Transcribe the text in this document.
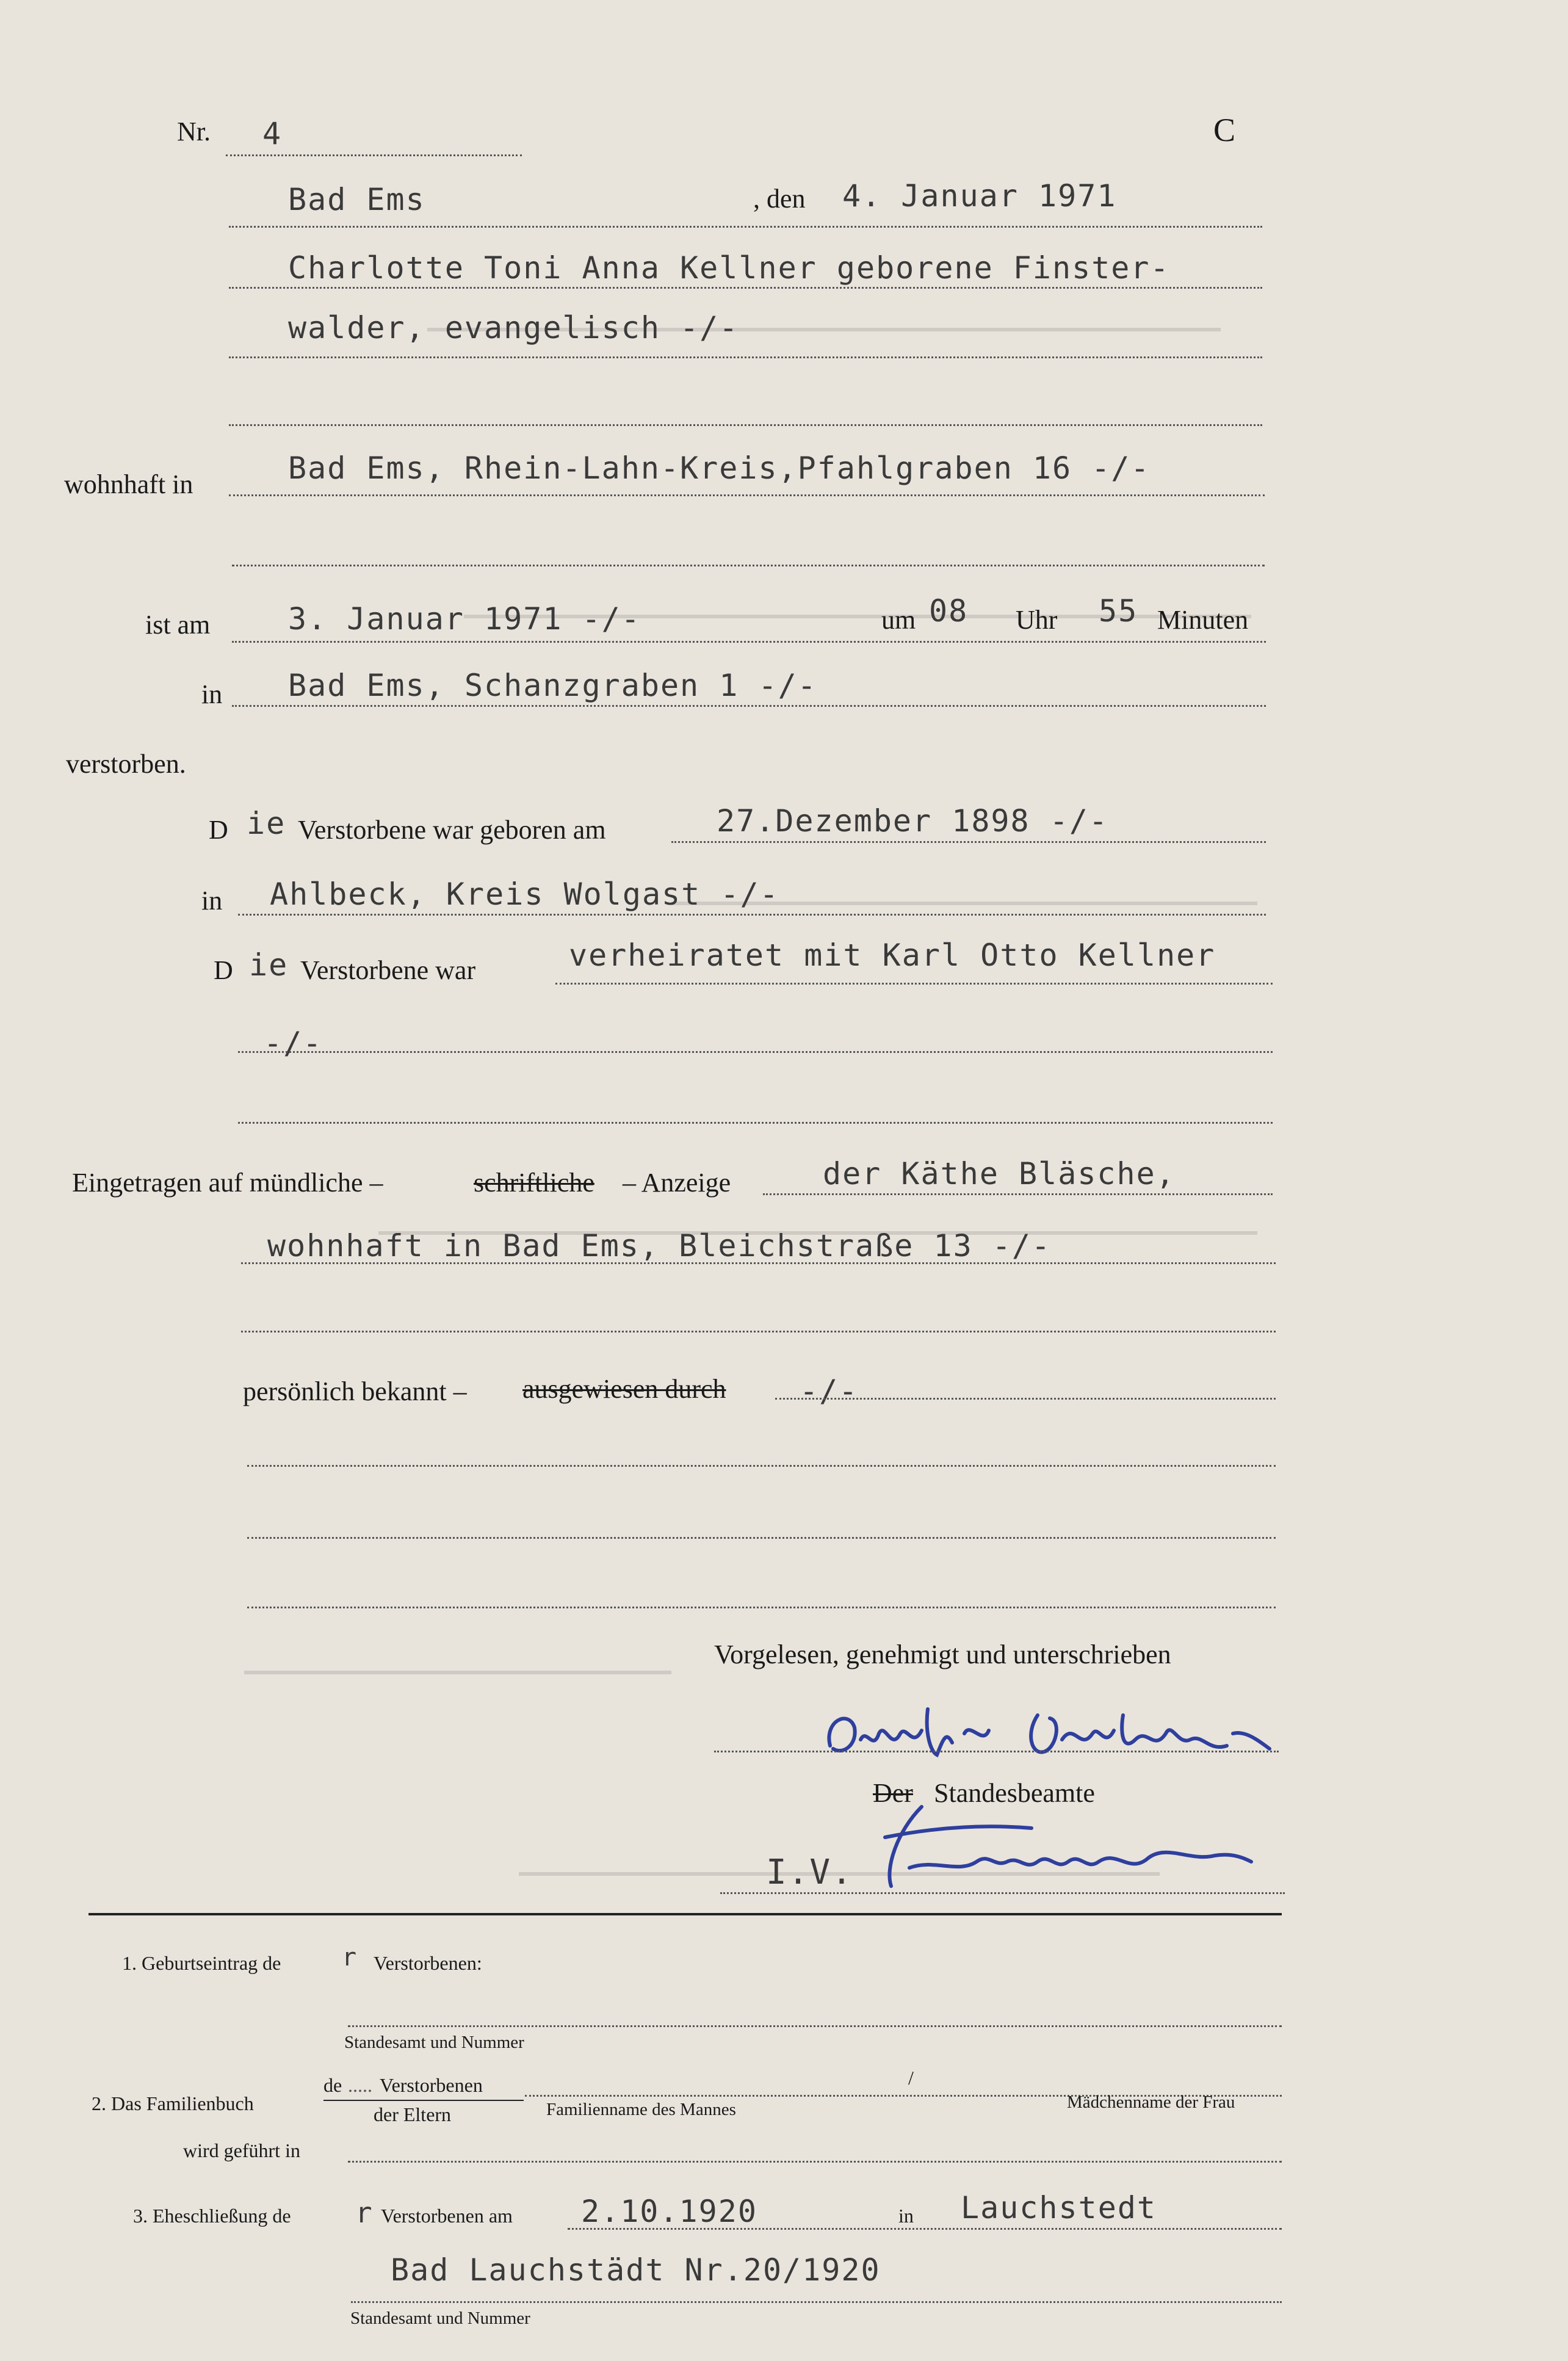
Nr. 4	C
Bad Ems	, den 4. Januar 1971
Charlotte Toni Anna Kellner geborene Finster-
walder, evangelisch -/-
wohnhaft in	Bad Ems, Rhein-Lahn-Kreis,Pfahlgraben 16 -/-
ist am	3. Januar 1971 -/-	um 08 Uhr 55 Minuten
in Bad Ems, Schanzgraben 1 -/-
verstorben.
D ie Verstorbene war geboren am	27.Dezember 1898 -/-
in Ahlbeck, Kreis Wolgast -/-
D ie Verstorbene war	verheiratet mit Karl Otto Kellner
-/-
Eingetragen auf mündliche –	schriftliche – Anzeige	der Käthe Bläsche,
wohnhaft in Bad Ems, Bleichstraße 13 -/-
persönlich bekannt – ausgewiesen durch -/-
Vorgelesen, genehmigt und unterschrieben
Der Standesbeamte
I.V.
1. Geburtseintrag de r Verstorbenen:
Standesamt und Nummer
2. Das Familienbuch
de ..... Verstorbenen
der Eltern
/
Familienname des Mannes	Mädchenname der Frau
wird geführt in
3. Eheschließung de r Verstorbenen am 2.10.1920	in Lauchstedt
Bad Lauchstädt Nr.20/1920
Standesamt und Nummer
